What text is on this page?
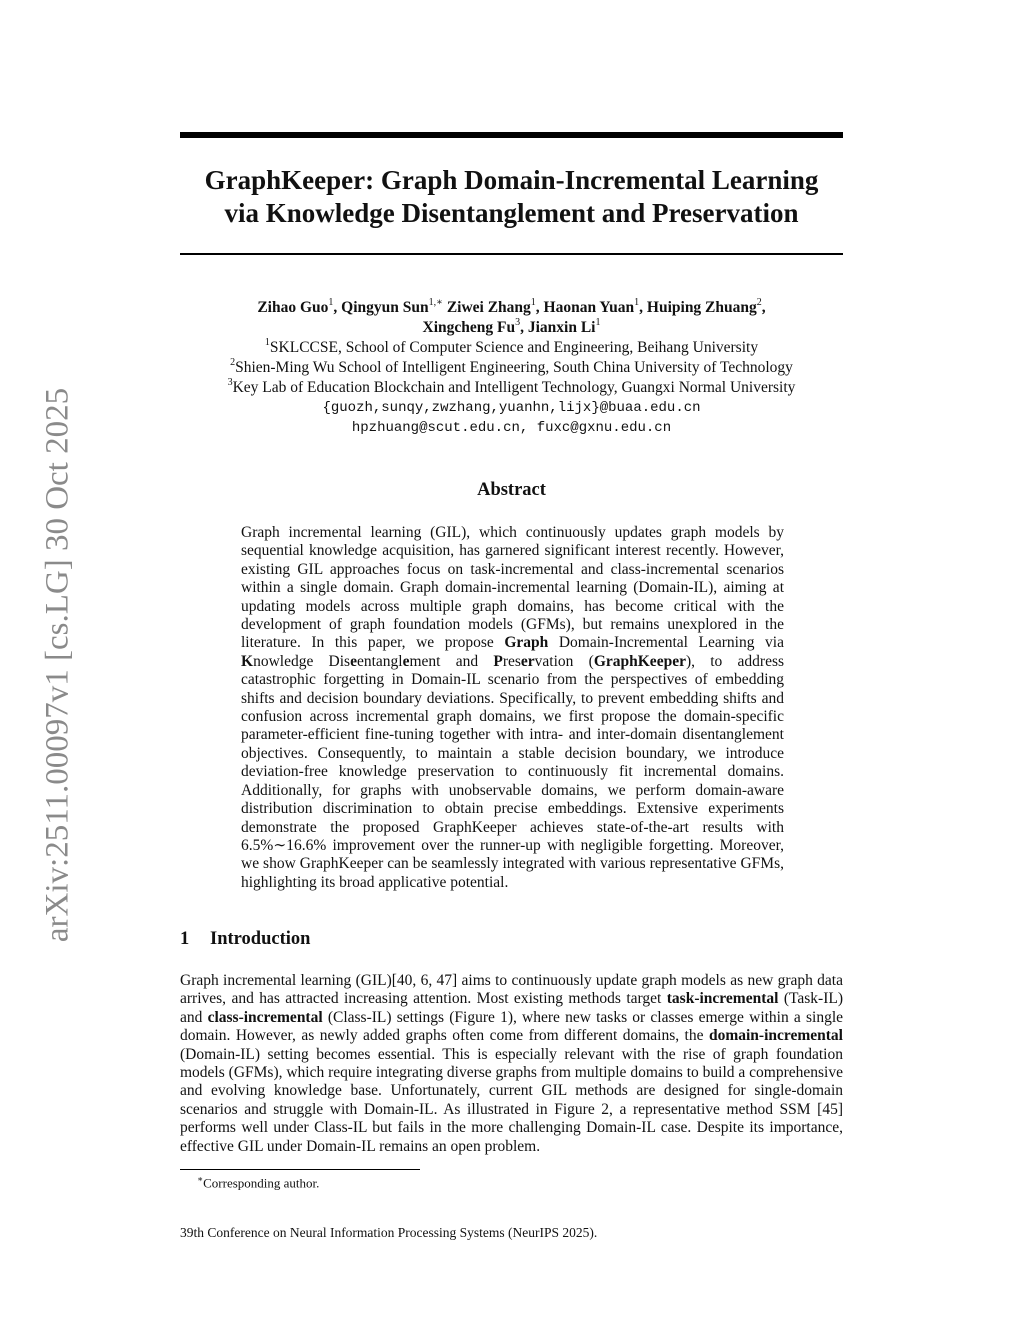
arXiv:2511.00097v1 [cs.LG] 30 Oct 2025
GraphKeeper: Graph Domain-Incremental Learning
via Knowledge Disentanglement and Preservation
Zihao Guo$^1$, Qingyun Sun$^{1,∗}$ Ziwei Zhang$^1$, Haonan Yuan$^1$, Huiping Zhuang$^2$,
Xingcheng Fu$^3$, Jianxin Li$^1$
$^1$SKLCCSE, School of Computer Science and Engineering, Beihang University
$^2$Shien-Ming Wu School of Intelligent Engineering, South China University of Technology
$^3$Key Lab of Education Blockchain and Intelligent Technology, Guangxi Normal University
{guozh,sunqy,zwzhang,yuanhn,lijx}@buaa.edu.cn
hpzhuang@scut.edu.cn, fuxc@gxnu.edu.cn
Abstract

Graph incremental learning (GIL), which continuously updates graph models by sequential knowledge acquisition, has garnered significant interest recently. However, existing GIL approaches focus on task-incremental and class-incremental scenarios within a single domain. Graph domain-incremental learning (Domain-IL), aiming at updating models across multiple graph domains, has become critical with the development of graph foundation models (GFMs), but remains unexplored in the literature. In this paper, we propose Graph Domain-Incremental Learning via Knowledge Diseentanglement and Preservation (GraphKeeper), to address catastrophic forgetting in Domain-IL scenario from the perspectives of embedding shifts and decision boundary deviations. Specifically, to prevent embedding shifts and confusion across incremental graph domains, we first propose the domain-specific parameter-efficient fine-tuning together with intra- and inter-domain disentanglement objectives. Consequently, to maintain a stable decision boundary, we introduce deviation-free knowledge preservation to continuously fit incremental domains. Additionally, for graphs with unobservable domains, we perform domain-aware distribution discrimination to obtain precise embeddings. Extensive experiments demonstrate the proposed GraphKeeper achieves state-of-the-art results with 6.5%∼16.6% improvement over the runner-up with negligible forgetting. Moreover, we show GraphKeeper can be seamlessly integrated with various representative GFMs, highlighting its broad applicative potential.

1 Introduction

Graph incremental learning (GIL)[40, 6, 47] aims to continuously update graph models as new graph data arrives, and has attracted increasing attention. Most existing methods target task-incremental (Task-IL) and class-incremental (Class-IL) settings (Figure 1), where new tasks or classes emerge within a single domain. However, as newly added graphs often come from different domains, the domain-incremental (Domain-IL) setting becomes essential. This is especially relevant with the rise of graph foundation models (GFMs), which require integrating diverse graphs from multiple domains to build a comprehensive and evolving knowledge base. Unfortunately, current GIL methods are designed for single-domain scenarios and struggle with Domain-IL. As illustrated in Figure 2, a representative method SSM [45] performs well under Class-IL but fails in the more challenging Domain-IL case. Despite its importance, effective GIL under Domain-IL remains an open problem.

∗Corresponding author.
39th Conference on Neural Information Processing Systems (NeurIPS 2025).
